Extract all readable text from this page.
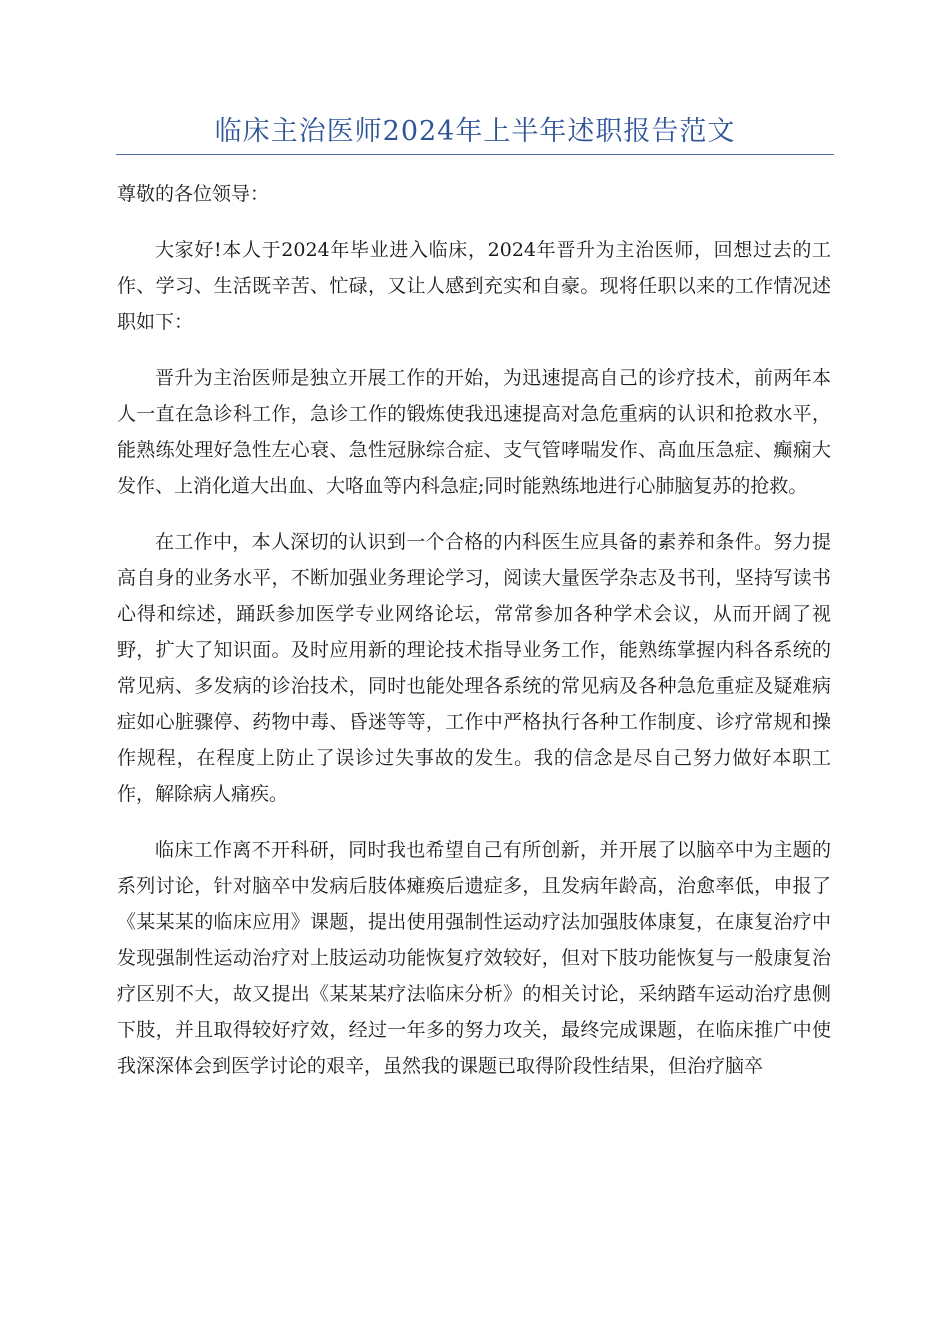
临床主治医师2024年上半年述职报告范文

尊敬的各位领导：

大家好!本人于2024年毕业进入临床，2024年晋升为主治医师，回想过去的工作、学习、生活既辛苦、忙碌，又让人感到充实和自豪。现将任职以来的工作情况述职如下：

晋升为主治医师是独立开展工作的开始，为迅速提高自己的诊疗技术，前两年本人一直在急诊科工作，急诊工作的锻炼使我迅速提高对急危重病的认识和抢救水平，能熟练处理好急性左心衰、急性冠脉综合症、支气管哮喘发作、高血压急症、癫痫大发作、上消化道大出血、大咯血等内科急症;同时能熟练地进行心肺脑复苏的抢救。

在工作中，本人深切的认识到一个合格的内科医生应具备的素养和条件。努力提高自身的业务水平，不断加强业务理论学习，阅读大量医学杂志及书刊，坚持写读书心得和综述，踊跃参加医学专业网络论坛，常常参加各种学术会议，从而开阔了视野，扩大了知识面。及时应用新的理论技术指导业务工作，能熟练掌握内科各系统的常见病、多发病的诊治技术，同时也能处理各系统的常见病及各种急危重症及疑难病症如心脏骤停、药物中毒、昏迷等等，工作中严格执行各种工作制度、诊疗常规和操作规程，在程度上防止了误诊过失事故的发生。我的信念是尽自己努力做好本职工作，解除病人痛疾。

临床工作离不开科研，同时我也希望自己有所创新，并开展了以脑卒中为主题的系列讨论，针对脑卒中发病后肢体瘫痪后遗症多，且发病年龄高，治愈率低，申报了《某某某的临床应用》课题，提出使用强制性运动疗法加强肢体康复，在康复治疗中发现强制性运动治疗对上肢运动功能恢复疗效较好，但对下肢功能恢复与一般康复治疗区别不大，故又提出《某某某疗法临床分析》的相关讨论，采纳踏车运动治疗患侧下肢，并且取得较好疗效，经过一年多的努力攻关，最终完成课题，在临床推广中使我深深体会到医学讨论的艰辛，虽然我的课题已取得阶段性结果，但治疗脑卒
